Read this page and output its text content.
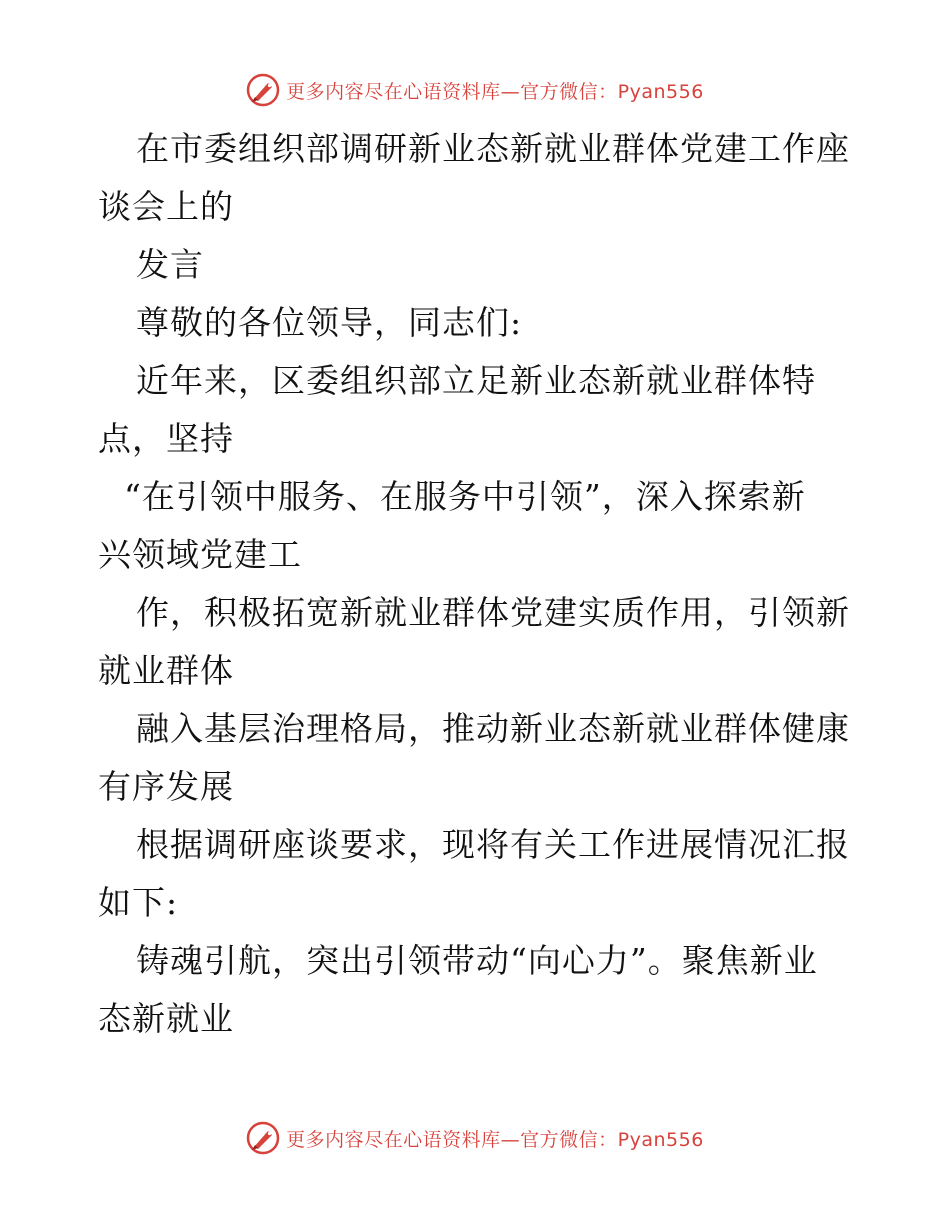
更多内容尽在心语资料库—官方微信：Pyan556

在市委组织部调研新业态新就业群体党建工作座

谈会上的

发言

尊敬的各位领导，同志们:

近年来，区委组织部立足新业态新就业群体特

点，坚持

“在引领中服务、在服务中引领”，深入探索新

兴领域党建工

作，积极拓宽新就业群体党建实质作用，引领新

就业群体

融入基层治理格局，推动新业态新就业群体健康

有序发展

根据调研座谈要求，现将有关工作进展情况汇报

如下:

铸魂引航，突出引领带动“向心力”。聚焦新业

态新就业

更多内容尽在心语资料库—官方微信：Pyan556
